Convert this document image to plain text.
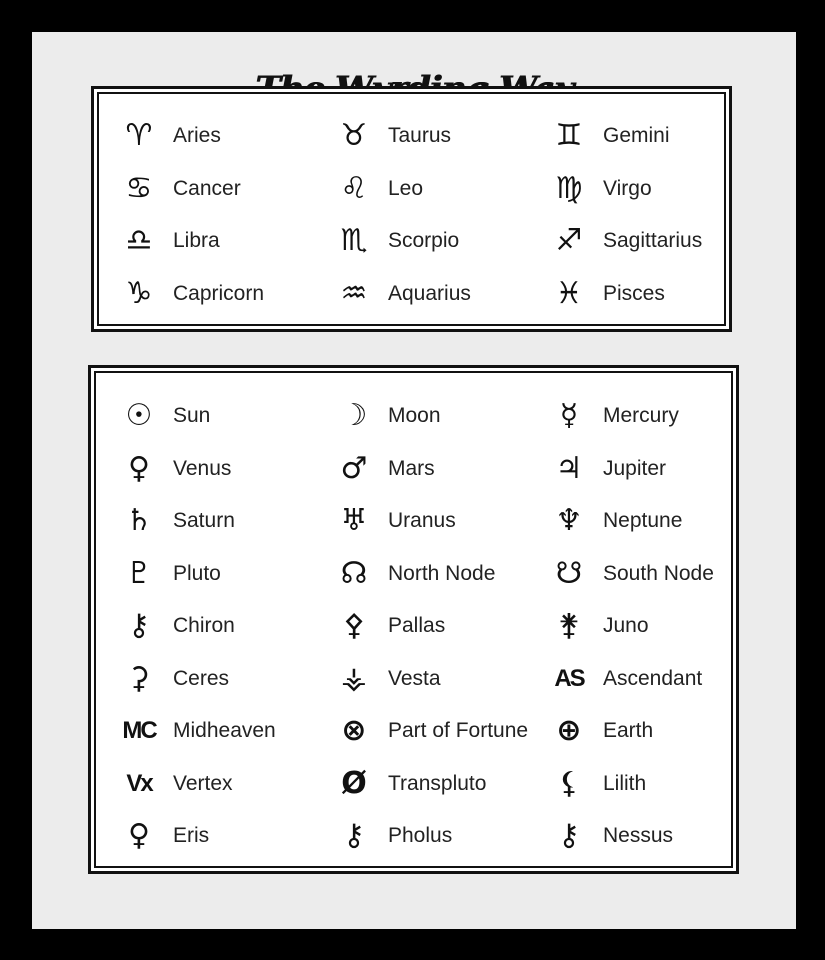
♈ Aries	♉ Taurus	♊ Gemini
♋ Cancer	♌ Leo	♍ Virgo
♎ Libra	♏ Scorpio	♐ Sagittarius
♑ Capricorn	♒ Aquarius	♓ Pisces
☉ Sun	☽ Moon	☿	Mercury
♀	Venus	♂ Mars	♃ Jupiter
♄ Saturn	♅ Uranus	♆ Neptune
♇ Pluto	☊ North Node ☋ South Node
⚷	Chiron	⚴	Pallas	⚵	Juno
⚳	Ceres	⚶	Vesta	AS Ascendant
MC Midheaven ⊗	Part of Fortune ⊕	Earth
Vx	Vertex	Ø	Transpluto	⚸	Lilith
♀	Eris	⚷	Pholus	⚷	Nessus
